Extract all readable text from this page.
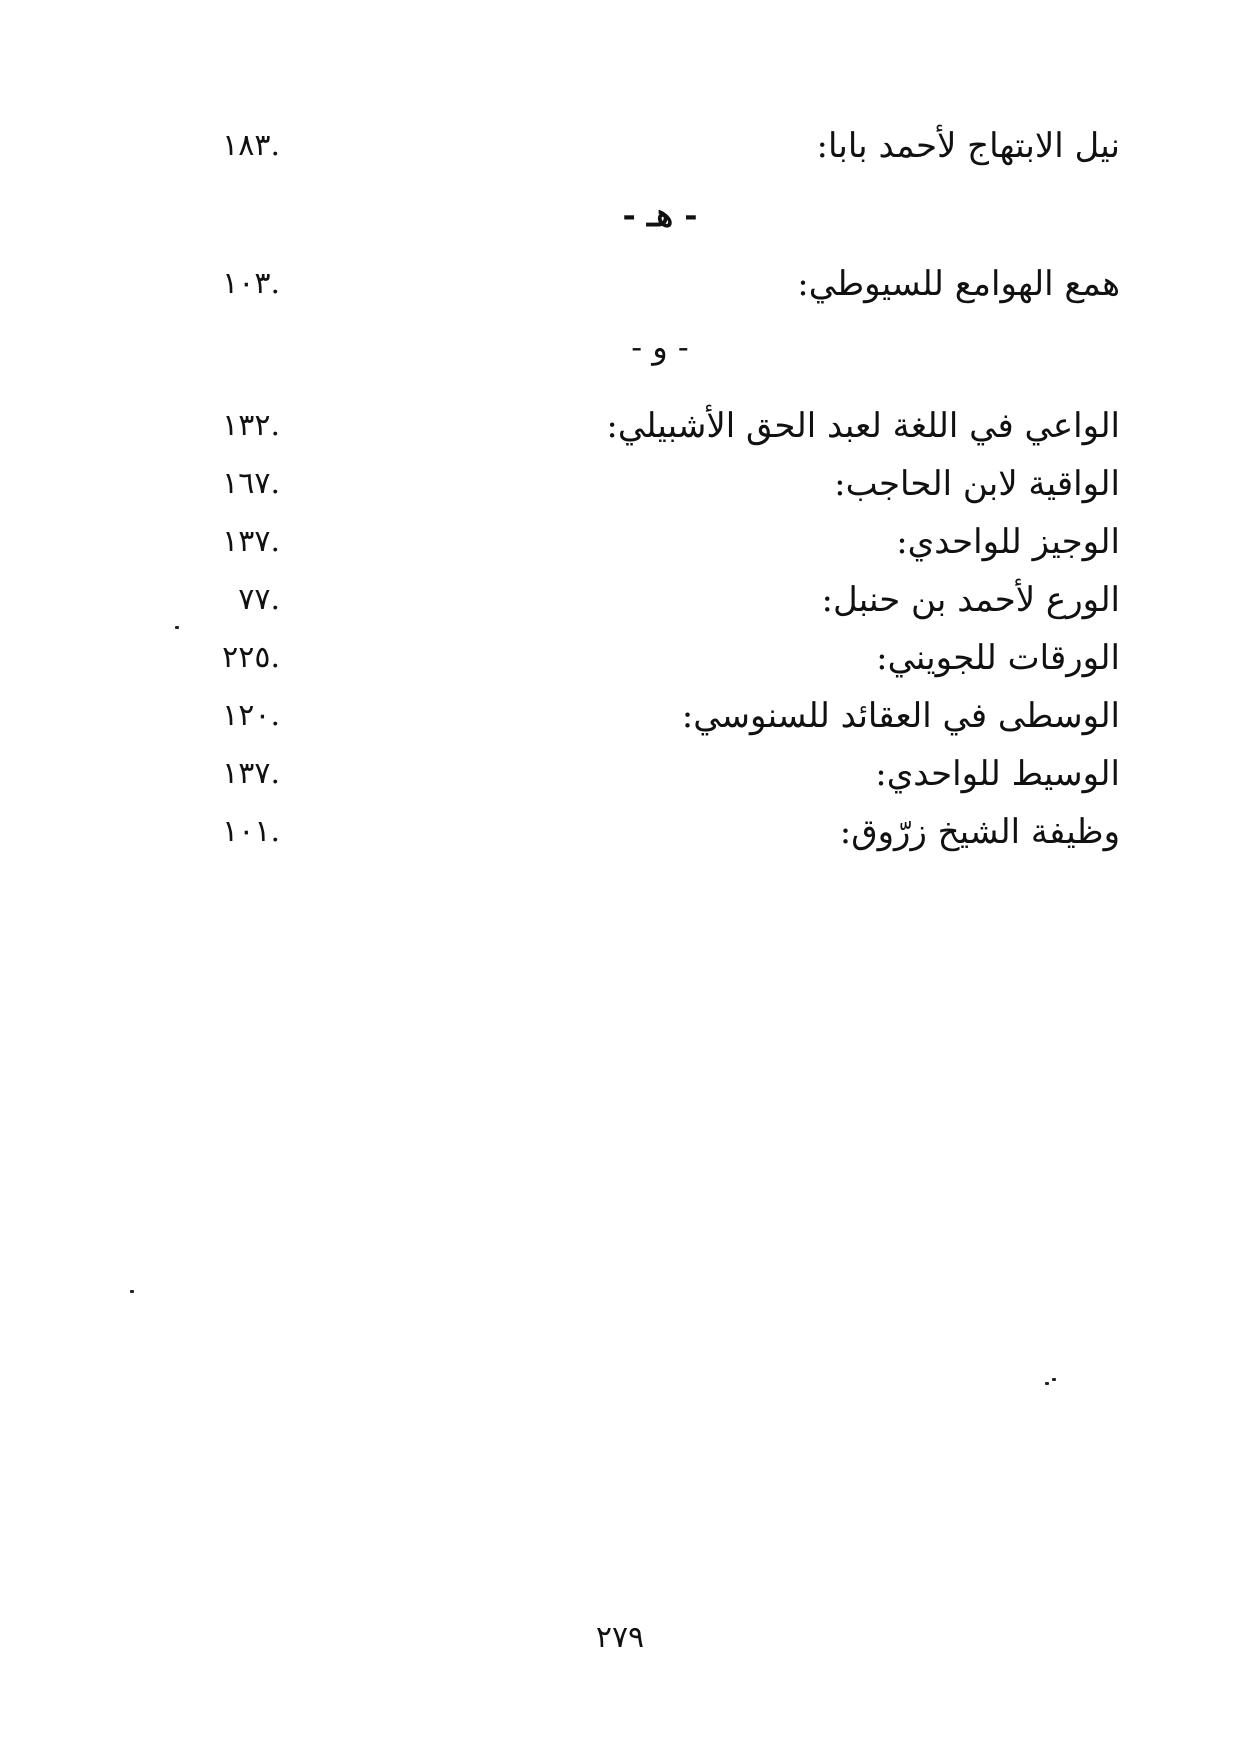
نيل الابتهاج لأحمد بابا:
.١٨٣
- هـ -
همع الهوامع للسيوطي:
.١٠٣
- و -
الواعي في اللغة لعبد الحق الأشبيلي:
.١٣٢
الواقية لابن الحاجب:
.١٦٧
الوجيز للواحدي:
.١٣٧
الورع لأحمد بن حنبل:
.٧٧
الورقات للجويني:
.٢٢٥
الوسطى في العقائد للسنوسي:
.١٢٠
الوسيط للواحدي:
.١٣٧
وظيفة الشيخ زرّوق:
.١٠١
٢٧٩
